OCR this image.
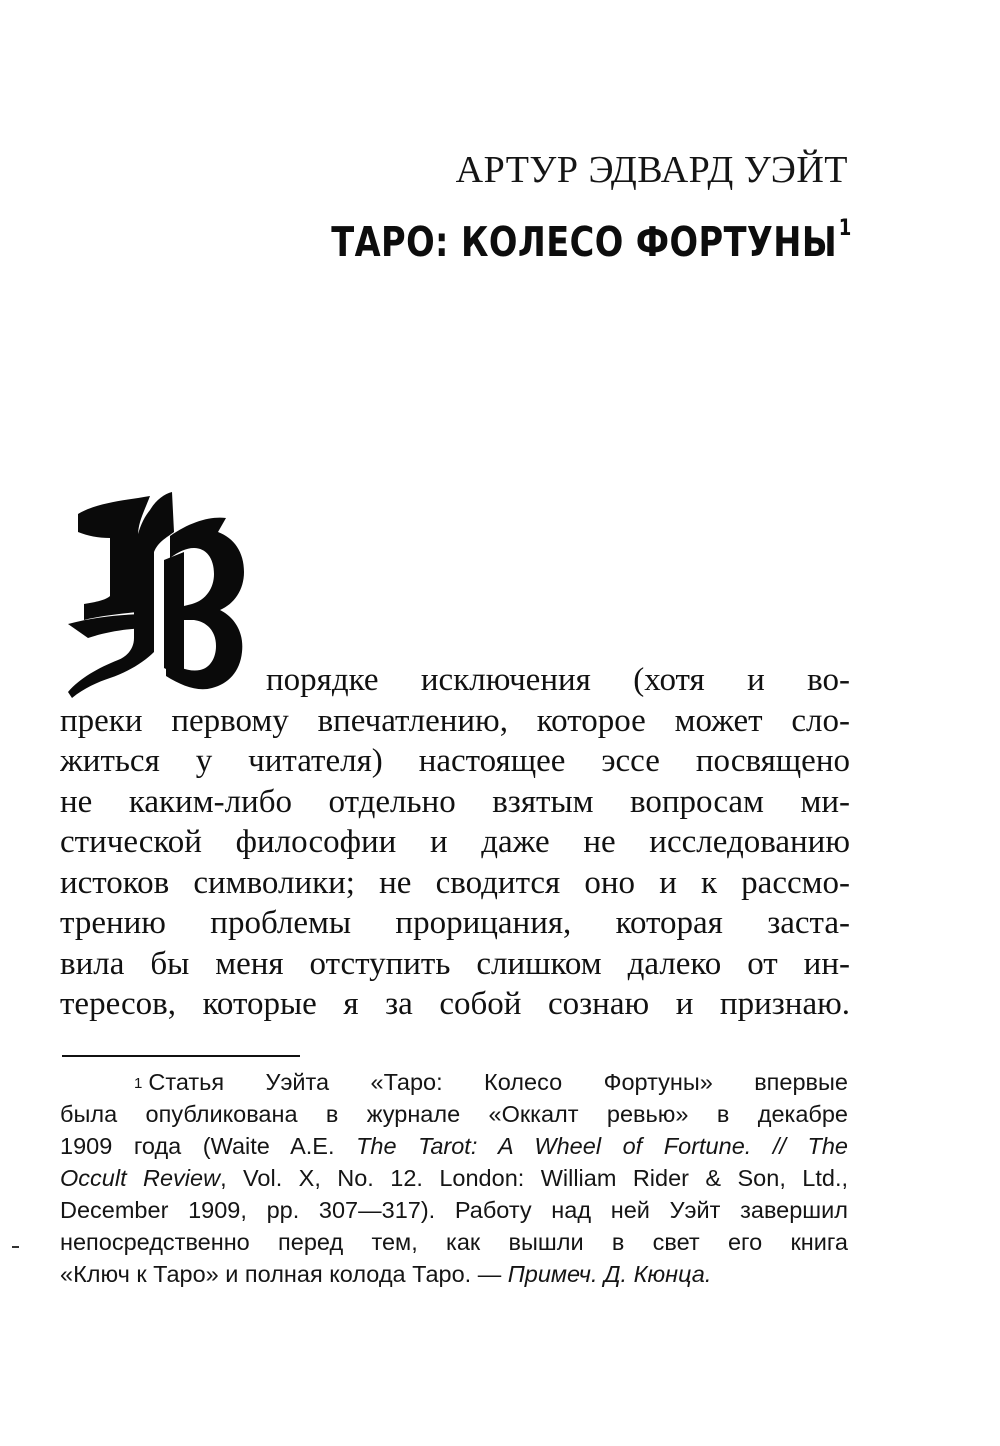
АРТУР ЭДВАРД УЭЙТ
ТАРО: КОЛЕСО ФОРТУНЫ$^1$
порядке исключения (хотя и во-
преки первому впечатлению, которое может сло-
житься у читателя) настоящее эссе посвящено
не каким-либо отдельно взятым вопросам ми-
стической философии и даже не исследованию
истоков символики; не сводится оно и к рассмо-
трению проблемы прорицания, которая заста-
вила бы меня отступить слишком далеко от ин-
тересов, которые я за собой сознаю и признаю.
$^1$ Статья Уэйта «Таро: Колесо Фортуны» впервые
была опубликована в журнале «Оккалт ревью» в декабре
1909 года (Waite A.E. The Tarot: A Wheel of Fortune. // The
Occult Review, Vol. X, No. 12. London: William Rider & Son, Ltd.,
December 1909, pp. 307—317). Работу над ней Уэйт завершил
непосредственно перед тем, как вышли в свет его книга
«Ключ к Таро» и полная колода Таро. — Примеч. Д. Кюнца.
